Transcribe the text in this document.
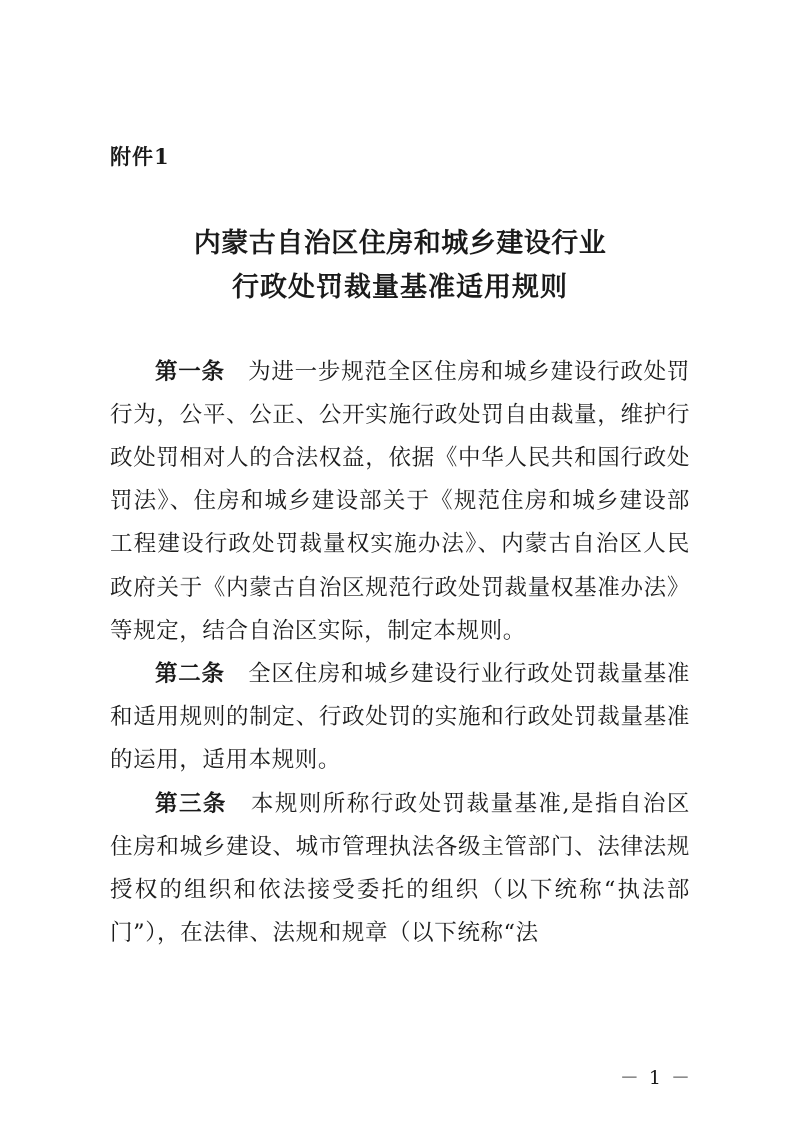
附件1
内蒙古自治区住房和城乡建设行业
行政处罚裁量基准适用规则

第一条　为进一步规范全区住房和城乡建设行政处罚行为，公平、公正、公开实施行政处罚自由裁量，维护行政处罚相对人的合法权益，依据《中华人民共和国行政处罚法》、住房和城乡建设部关于《规范住房和城乡建设部工程建设行政处罚裁量权实施办法》、内蒙古自治区人民政府关于《内蒙古自治区规范行政处罚裁量权基准办法》等规定，结合自治区实际，制定本规则。

第二条　全区住房和城乡建设行业行政处罚裁量基准和适用规则的制定、行政处罚的实施和行政处罚裁量基准的运用，适用本规则。

第三条　本规则所称行政处罚裁量基准,是指自治区住房和城乡建设、城市管理执法各级主管部门、法律法规授权的组织和依法接受委托的组织（以下统称“执法部门”），在法律、法规和规章（以下统称“法

－ 1 －
